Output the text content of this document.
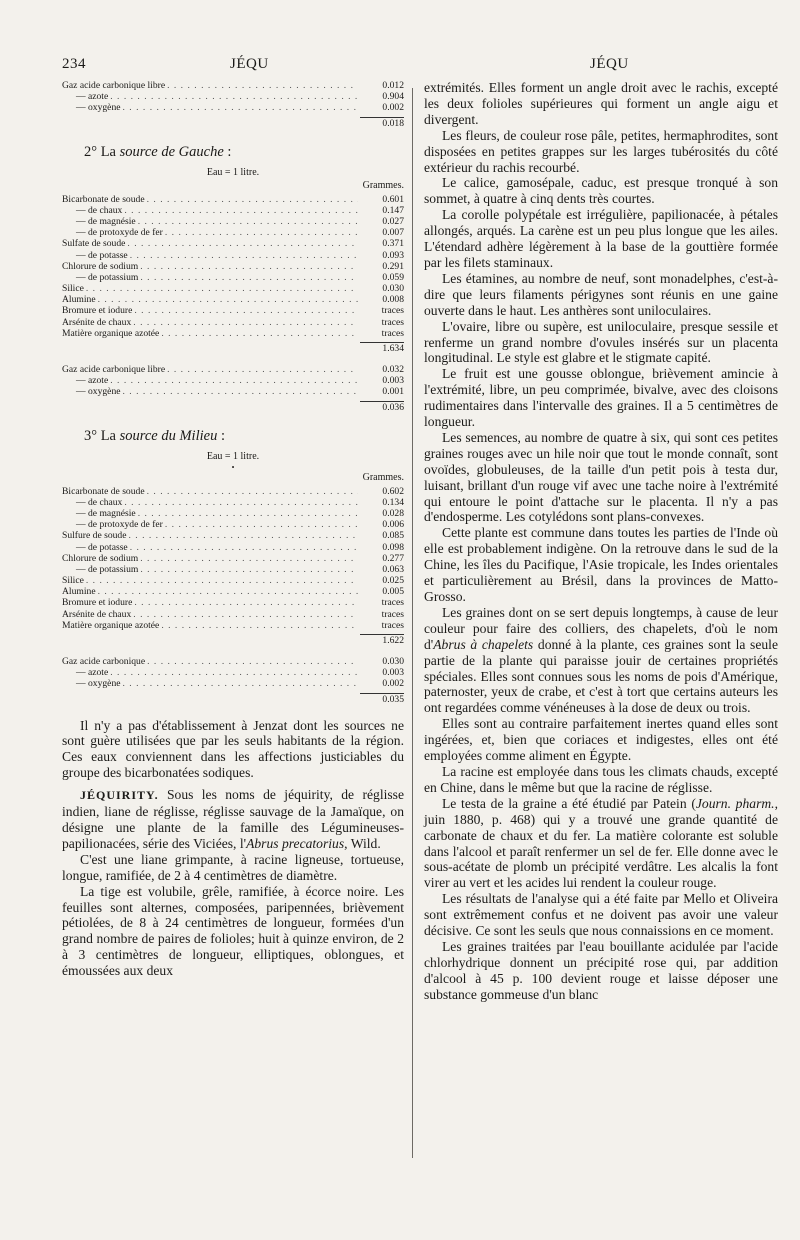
234	JÉQU	JÉQU
Gaz acide carbonique libre . . .	0.012
— azote . . .	0.904
— oxygène . . .	0.002
0.018
2° La source de Gauche :
Eau = 1 litre.
Grammes.
Bicarbonate de soude . . .	0.601
— de chaux . . .	0.147
— de magnésie . . .	0.027
— de protoxyde de fer . . .	0.007
Sulfate de soude . . .	0.371
— de potasse . . .	0.093
Chlorure de sodium . . .	0.291
— de potassium . . .	0.059
Silice . . .	0.030
Alumine . . .	0.008
Bromure et iodure . . .	traces
Arsénite de chaux . . .	traces
Matière organique azotée . . .	traces
1.634
Gaz acide carbonique libre . . .	0.032
— azote . . .	0.003
— oxygène . . .	0.001
0.036
3° La source du Milieu :
Eau = 1 litre.
•
Grammes.
Bicarbonate de soude . . .	0.602
— de chaux . . .	0.134
— de magnésie . . .	0.028
— de protoxyde de fer . . .	0.006
Sulfure de soude . . .	0.085
— de potasse . . .	0.098
Chlorure de sodium . . .	0.277
— de potassium . . .	0.063
Silice . . .	0.025
Alumine . . .	0.005
Bromure et iodure . . .	traces
Arsénite de chaux . . .	traces
Matière organique azotée . . .	traces
1.622
Gaz acide carbonique . . .	0.030
— azote . . .	0.003
— oxygène . . .	0.002
0.035

Il n'y a pas d'établissement à Jenzat dont les sources ne sont guère utilisées que par les seuls habitants de la région. Ces eaux conviennent dans les affections justiciables du groupe des bicarbonatées sodiques.

JÉQUIRITY. Sous les noms de jéquirity, de réglisse indien, liane de réglisse, réglisse sauvage de la Jamaïque, on désigne une plante de la famille des Légumineuses-papilionacées, série des Viciées, l'Abrus precatorius, Wild.

C'est une liane grimpante, à racine ligneuse, tortueuse, longue, ramifiée, de 2 à 4 centimètres de diamètre.

La tige est volubile, grêle, ramifiée, à écorce noire. Les feuilles sont alternes, composées, paripennées, brièvement pétiolées, de 8 à 24 centimètres de longueur, formées d'un grand nombre de paires de folioles; huit à quinze environ, de 2 à 3 centimètres de longueur, elliptiques, oblongues, et émoussées aux deux

extrémités. Elles forment un angle droit avec le rachis, excepté les deux folioles supérieures qui forment un angle aigu et divergent.

Les fleurs, de couleur rose pâle, petites, hermaphrodites, sont disposées en petites grappes sur les larges tubérosités du côté extérieur du rachis recourbé.

Le calice, gamosépale, caduc, est presque tronqué à son sommet, à quatre à cinq dents très courtes.

La corolle polypétale est irrégulière, papilionacée, à pétales allongés, arqués. La carène est un peu plus longue que les ailes. L'étendard adhère légèrement à la base de la gouttière formée par les filets staminaux.

Les étamines, au nombre de neuf, sont monadelphes, c'est-à-dire que leurs filaments périgynes sont réunis en une gaine ouverte dans le haut. Les anthères sont uniloculaires.

L'ovaire, libre ou supère, est uniloculaire, presque sessile et renferme un grand nombre d'ovules insérés sur un placenta longitudinal. Le style est glabre et le stigmate capité.

Le fruit est une gousse oblongue, brièvement amincie à l'extrémité, libre, un peu comprimée, bivalve, avec des cloisons rudimentaires dans l'intervalle des graines. Il a 5 centimètres de longueur.

Les semences, au nombre de quatre à six, qui sont ces petites graines rouges avec un hile noir que tout le monde connaît, sont ovoïdes, globuleuses, de la taille d'un petit pois à testa dur, luisant, brillant d'un rouge vif avec une tache noire à l'extrémité qui entoure le point d'attache sur le placenta. Il n'y a pas d'endosperme. Les cotylédons sont plans-convexes.

Cette plante est commune dans toutes les parties de l'Inde où elle est probablement indigène. On la retrouve dans le sud de la Chine, les îles du Pacifique, l'Asie tropicale, les Indes orientales et particulièrement au Brésil, dans la provinces de Matto-Grosso.

Les graines dont on se sert depuis longtemps, à cause de leur couleur pour faire des colliers, des chapelets, d'où le nom d'Abrus à chapelets donné à la plante, ces graines sont la seule partie de la plante qui paraisse jouir de certaines propriétés spéciales. Elles sont connues sous les noms de pois d'Amérique, paternoster, yeux de crabe, et c'est à tort que certains auteurs les ont regardées comme vénéneuses à la dose de deux ou trois.

Elles sont au contraire parfaitement inertes quand elles sont ingérées, et, bien que coriaces et indigestes, elles ont été employées comme aliment en Égypte.

La racine est employée dans tous les climats chauds, excepté en Chine, dans le même but que la racine de réglisse.

Le testa de la graine a été étudié par Patein (Journ. pharm., juin 1880, p. 468) qui y a trouvé une grande quantité de carbonate de chaux et du fer. La matière colorante est soluble dans l'alcool et paraît renfermer un sel de fer. Elle donne avec le sous-acétate de plomb un précipité verdâtre. Les alcalis la font virer au vert et les acides lui rendent la couleur rouge.

Les résultats de l'analyse qui a été faite par Mello et Oliveira sont extrêmement confus et ne doivent pas avoir une valeur décisive. Ce sont les seuls que nous connaissions en ce moment.

Les graines traitées par l'eau bouillante acidulée par l'acide chlorhydrique donnent un précipité rose qui, par addition d'alcool à 45 p. 100 devient rouge et laisse déposer une substance gommeuse d'un blanc
